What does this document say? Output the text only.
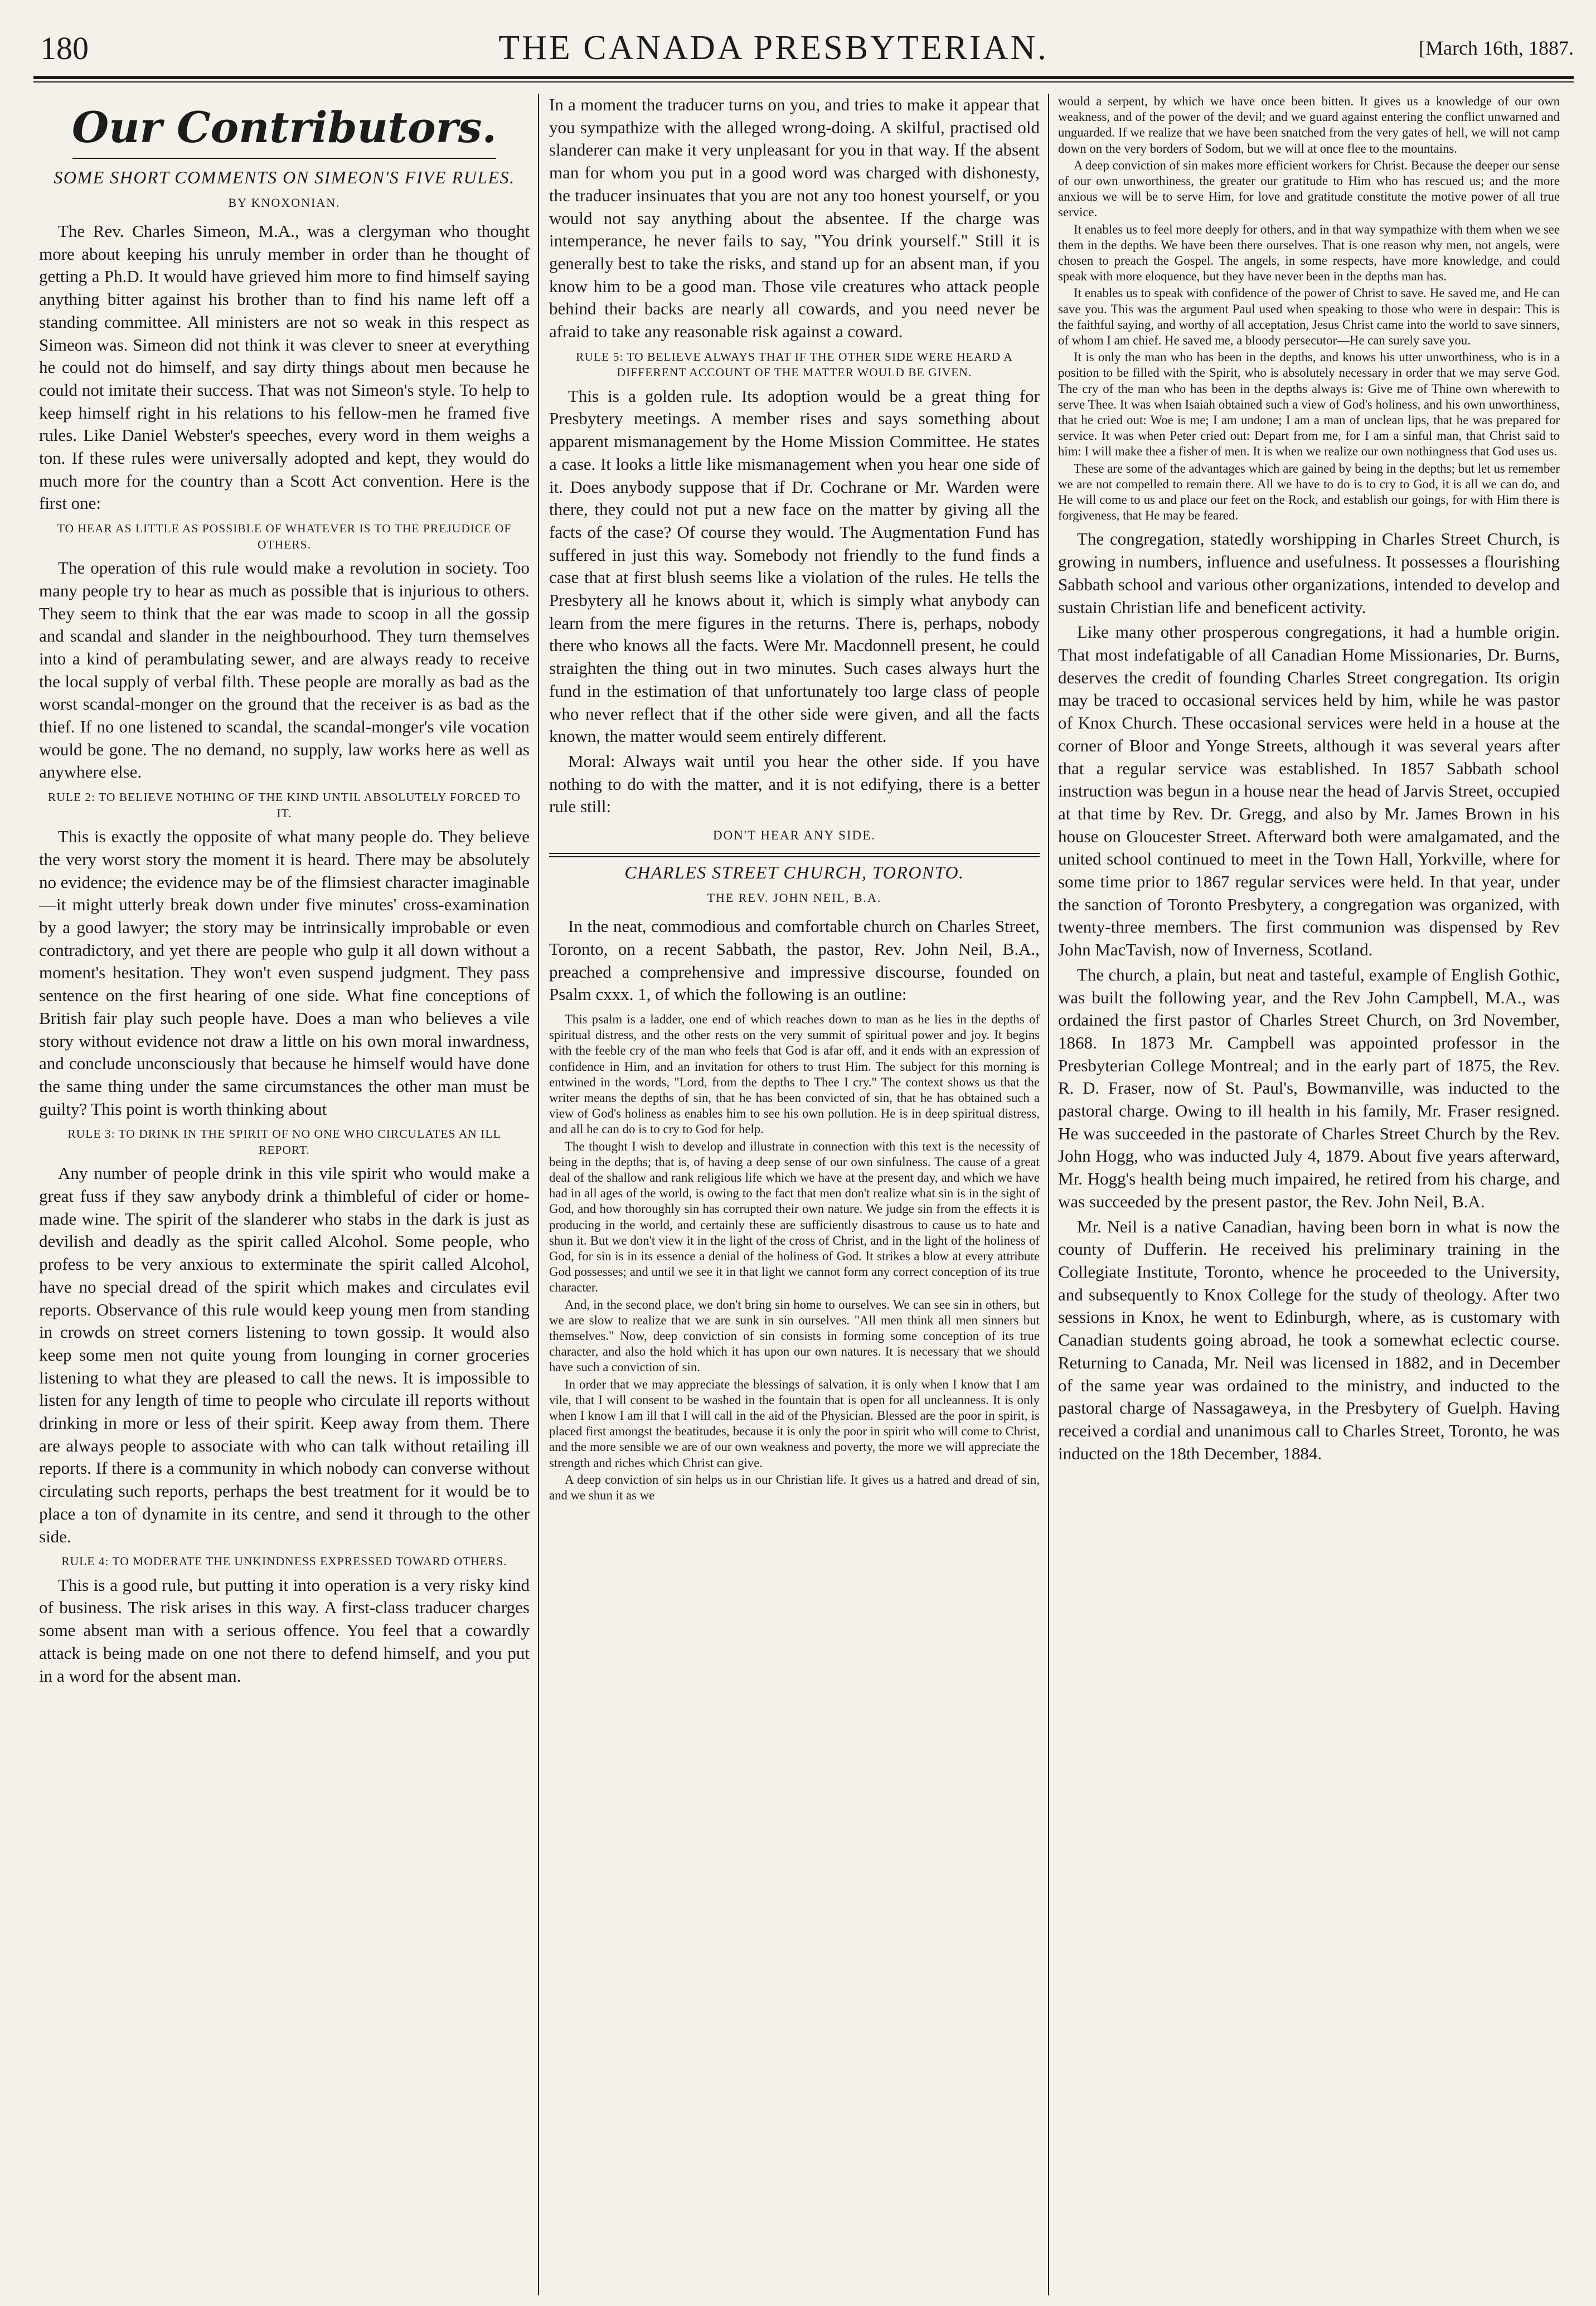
180	THE CANADA PRESBYTERIAN.	[March 16th, 1887.
Our Contributors.
SOME SHORT COMMENTS ON SIMEON'S FIVE RULES.
BY KNOXONIAN.

The Rev. Charles Simeon, M.A., was a clergyman who thought more about keeping his unruly member in order than he thought of getting a Ph.D. It would have grieved him more to find himself saying anything bitter against his brother than to find his name left off a standing committee. All ministers are not so weak in this respect as Simeon was. Simeon did not think it was clever to sneer at everything he could not do himself, and say dirty things about men because he could not imitate their success. That was not Simeon's style. To help to keep himself right in his relations to his fellow-men he framed five rules. Like Daniel Webster's speeches, every word in them weighs a ton. If these rules were universally adopted and kept, they would do much more for the country than a Scott Act convention. Here is the first one:

TO HEAR AS LITTLE AS POSSIBLE OF WHATEVER IS TO THE PREJUDICE OF OTHERS.

The operation of this rule would make a revolution in society. Too many people try to hear as much as possible that is injurious to others. They seem to think that the ear was made to scoop in all the gossip and scandal and slander in the neighbourhood. They turn themselves into a kind of perambulating sewer, and are always ready to receive the local supply of verbal filth. These people are morally as bad as the worst scandal-monger on the ground that the receiver is as bad as the thief. If no one listened to scandal, the scandal-monger's vile vocation would be gone. The no demand, no supply, law works here as well as anywhere else.

RULE 2: TO BELIEVE NOTHING OF THE KIND UNTIL ABSOLUTELY FORCED TO IT.

This is exactly the opposite of what many people do. They believe the very worst story the moment it is heard. There may be absolutely no evidence; the evidence may be of the flimsiest character imaginable—it might utterly break down under five minutes' cross-examination by a good lawyer; the story may be intrinsically improbable or even contradictory, and yet there are people who gulp it all down without a moment's hesitation. They won't even suspend judgment. They pass sentence on the first hearing of one side. What fine conceptions of British fair play such people have. Does a man who believes a vile story without evidence not draw a little on his own moral inwardness, and conclude unconsciously that because he himself would have done the same thing under the same circumstances the other man must be guilty? This point is worth thinking about

RULE 3: TO DRINK IN THE SPIRIT OF NO ONE WHO CIRCULATES AN ILL REPORT.

Any number of people drink in this vile spirit who would make a great fuss if they saw anybody drink a thimbleful of cider or home-made wine. The spirit of the slanderer who stabs in the dark is just as devilish and deadly as the spirit called Alcohol. Some people, who profess to be very anxious to exterminate the spirit called Alcohol, have no special dread of the spirit which makes and circulates evil reports. Observance of this rule would keep young men from standing in crowds on street corners listening to town gossip. It would also keep some men not quite young from lounging in corner groceries listening to what they are pleased to call the news. It is impossible to listen for any length of time to people who circulate ill reports without drinking in more or less of their spirit. Keep away from them. There are always people to associate with who can talk without retailing ill reports. If there is a community in which nobody can converse without circulating such reports, perhaps the best treatment for it would be to place a ton of dynamite in its centre, and send it through to the other side.

RULE 4: TO MODERATE THE UNKINDNESS EXPRESSED TOWARD OTHERS.

This is a good rule, but putting it into operation is a very risky kind of business. The risk arises in this way. A first-class traducer charges some absent man with a serious offence. You feel that a cowardly attack is being made on one not there to defend himself, and you put in a word for the absent man.

In a moment the traducer turns on you, and tries to make it appear that you sympathize with the alleged wrong-doing. A skilful, practised old slanderer can make it very unpleasant for you in that way. If the absent man for whom you put in a good word was charged with dishonesty, the traducer insinuates that you are not any too honest yourself, or you would not say anything about the absentee. If the charge was intemperance, he never fails to say, "You drink yourself." Still it is generally best to take the risks, and stand up for an absent man, if you know him to be a good man. Those vile creatures who attack people behind their backs are nearly all cowards, and you need never be afraid to take any reasonable risk against a coward.

RULE 5: TO BELIEVE ALWAYS THAT IF THE OTHER SIDE WERE HEARD A DIFFERENT ACCOUNT OF THE MATTER WOULD BE GIVEN.

This is a golden rule. Its adoption would be a great thing for Presbytery meetings. A member rises and says something about apparent mismanagement by the Home Mission Committee. He states a case. It looks a little like mismanagement when you hear one side of it. Does anybody suppose that if Dr. Cochrane or Mr. Warden were there, they could not put a new face on the matter by giving all the facts of the case? Of course they would. The Augmentation Fund has suffered in just this way. Somebody not friendly to the fund finds a case that at first blush seems like a violation of the rules. He tells the Presbytery all he knows about it, which is simply what anybody can learn from the mere figures in the returns. There is, perhaps, nobody there who knows all the facts. Were Mr. Macdonnell present, he could straighten the thing out in two minutes. Such cases always hurt the fund in the estimation of that unfortunately too large class of people who never reflect that if the other side were given, and all the facts known, the matter would seem entirely different.

Moral: Always wait until you hear the other side. If you have nothing to do with the matter, and it is not edifying, there is a better rule still:

DON'T HEAR ANY SIDE.
CHARLES STREET CHURCH, TORONTO.
THE REV. JOHN NEIL, B.A.

In the neat, commodious and comfortable church on Charles Street, Toronto, on a recent Sabbath, the pastor, Rev. John Neil, B.A., preached a comprehensive and impressive discourse, founded on Psalm cxxx. 1, of which the following is an outline:

This psalm is a ladder, one end of which reaches down to man as he lies in the depths of spiritual distress, and the other rests on the very summit of spiritual power and joy. It begins with the feeble cry of the man who feels that God is afar off, and it ends with an expression of confidence in Him, and an invitation for others to trust Him. The subject for this morning is entwined in the words, "Lord, from the depths to Thee I cry." The context shows us that the writer means the depths of sin, that he has been convicted of sin, that he has obtained such a view of God's holiness as enables him to see his own pollution. He is in deep spiritual distress, and all he can do is to cry to God for help.

The thought I wish to develop and illustrate in connection with this text is the necessity of being in the depths; that is, of having a deep sense of our own sinfulness. The cause of a great deal of the shallow and rank religious life which we have at the present day, and which we have had in all ages of the world, is owing to the fact that men don't realize what sin is in the sight of God, and how thoroughly sin has corrupted their own nature. We judge sin from the effects it is producing in the world, and certainly these are sufficiently disastrous to cause us to hate and shun it. But we don't view it in the light of the cross of Christ, and in the light of the holiness of God, for sin is in its essence a denial of the holiness of God. It strikes a blow at every attribute God possesses; and until we see it in that light we cannot form any correct conception of its true character.

And, in the second place, we don't bring sin home to ourselves. We can see sin in others, but we are slow to realize that we are sunk in sin ourselves. "All men think all men sinners but themselves." Now, deep conviction of sin consists in forming some conception of its true character, and also the hold which it has upon our own natures. It is necessary that we should have such a conviction of sin.

In order that we may appreciate the blessings of salvation, it is only when I know that I am vile, that I will consent to be washed in the fountain that is open for all uncleanness. It is only when I know I am ill that I will call in the aid of the Physician. Blessed are the poor in spirit, is placed first amongst the beatitudes, because it is only the poor in spirit who will come to Christ, and the more sensible we are of our own weakness and poverty, the more we will appreciate the strength and riches which Christ can give.

A deep conviction of sin helps us in our Christian life. It gives us a hatred and dread of sin, and we shun it as we

would a serpent, by which we have once been bitten. It gives us a knowledge of our own weakness, and of the power of the devil; and we guard against entering the conflict unwarned and unguarded. If we realize that we have been snatched from the very gates of hell, we will not camp down on the very borders of Sodom, but we will at once flee to the mountains.

A deep conviction of sin makes more efficient workers for Christ. Because the deeper our sense of our own unworthiness, the greater our gratitude to Him who has rescued us; and the more anxious we will be to serve Him, for love and gratitude constitute the motive power of all true service.

It enables us to feel more deeply for others, and in that way sympathize with them when we see them in the depths. We have been there ourselves. That is one reason why men, not angels, were chosen to preach the Gospel. The angels, in some respects, have more knowledge, and could speak with more eloquence, but they have never been in the depths man has.

It enables us to speak with confidence of the power of Christ to save. He saved me, and He can save you. This was the argument Paul used when speaking to those who were in despair: This is the faithful saying, and worthy of all acceptation, Jesus Christ came into the world to save sinners, of whom I am chief. He saved me, a bloody persecutor—He can surely save you.

It is only the man who has been in the depths, and knows his utter unworthiness, who is in a position to be filled with the Spirit, who is absolutely necessary in order that we may serve God. The cry of the man who has been in the depths always is: Give me of Thine own wherewith to serve Thee. It was when Isaiah obtained such a view of God's holiness, and his own unworthiness, that he cried out: Woe is me; I am undone; I am a man of unclean lips, that he was prepared for service. It was when Peter cried out: Depart from me, for I am a sinful man, that Christ said to him: I will make thee a fisher of men. It is when we realize our own nothingness that God uses us.

These are some of the advantages which are gained by being in the depths; but let us remember we are not compelled to remain there. All we have to do is to cry to God, it is all we can do, and He will come to us and place our feet on the Rock, and establish our goings, for with Him there is forgiveness, that He may be feared.

The congregation, statedly worshipping in Charles Street Church, is growing in numbers, influence and usefulness. It possesses a flourishing Sabbath school and various other organizations, intended to develop and sustain Christian life and beneficent activity.

Like many other prosperous congregations, it had a humble origin. That most indefatigable of all Canadian Home Missionaries, Dr. Burns, deserves the credit of founding Charles Street congregation. Its origin may be traced to occasional services held by him, while he was pastor of Knox Church. These occasional services were held in a house at the corner of Bloor and Yonge Streets, although it was several years after that a regular service was established. In 1857 Sabbath school instruction was begun in a house near the head of Jarvis Street, occupied at that time by Rev. Dr. Gregg, and also by Mr. James Brown in his house on Gloucester Street. Afterward both were amalgamated, and the united school continued to meet in the Town Hall, Yorkville, where for some time prior to 1867 regular services were held. In that year, under the sanction of Toronto Presbytery, a congregation was organized, with twenty-three members. The first communion was dispensed by Rev John MacTavish, now of Inverness, Scotland.

The church, a plain, but neat and tasteful, example of English Gothic, was built the following year, and the Rev John Campbell, M.A., was ordained the first pastor of Charles Street Church, on 3rd November, 1868. In 1873 Mr. Campbell was appointed professor in the Presbyterian College Montreal; and in the early part of 1875, the Rev. R. D. Fraser, now of St. Paul's, Bowmanville, was inducted to the pastoral charge. Owing to ill health in his family, Mr. Fraser resigned. He was succeeded in the pastorate of Charles Street Church by the Rev. John Hogg, who was inducted July 4, 1879. About five years afterward, Mr. Hogg's health being much impaired, he retired from his charge, and was succeeded by the present pastor, the Rev. John Neil, B.A.

Mr. Neil is a native Canadian, having been born in what is now the county of Dufferin. He received his preliminary training in the Collegiate Institute, Toronto, whence he proceeded to the University, and subsequently to Knox College for the study of theology. After two sessions in Knox, he went to Edinburgh, where, as is customary with Canadian students going abroad, he took a somewhat eclectic course. Returning to Canada, Mr. Neil was licensed in 1882, and in December of the same year was ordained to the ministry, and inducted to the pastoral charge of Nassagaweya, in the Presbytery of Guelph. Having received a cordial and unanimous call to Charles Street, Toronto, he was inducted on the 18th December, 1884.
